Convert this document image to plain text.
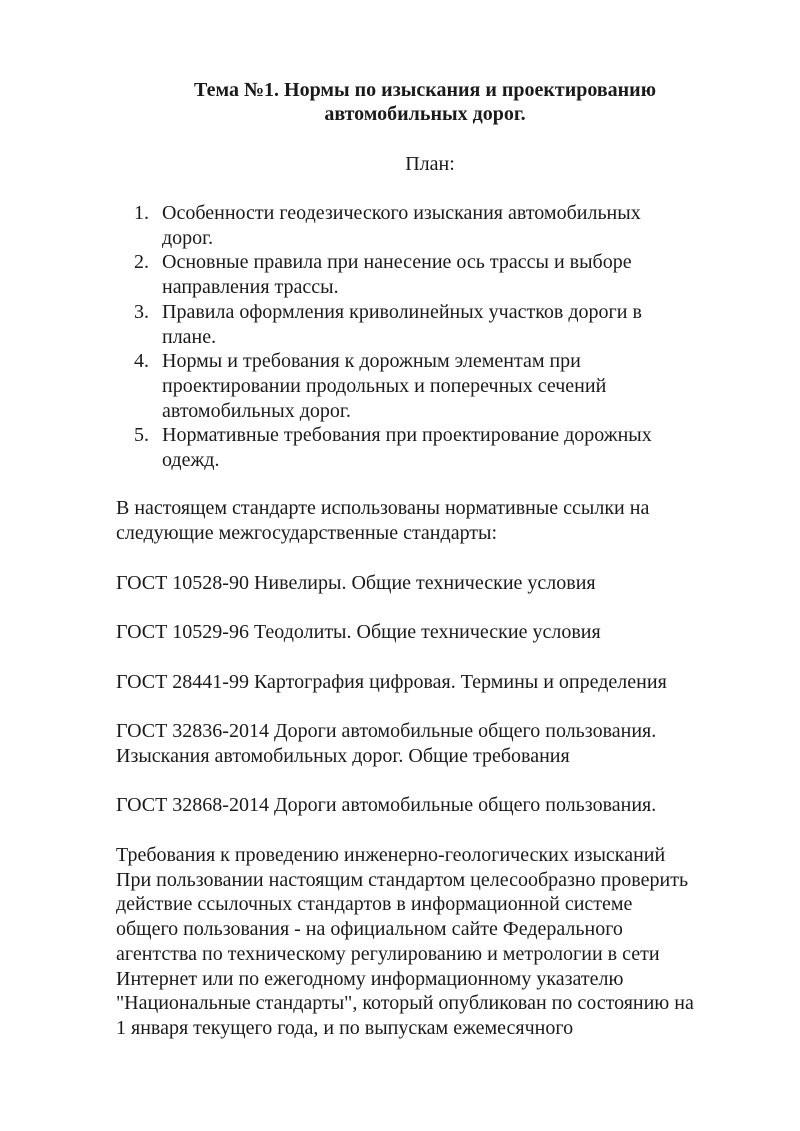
Тема №1. Нормы по изыскания и проектированию
автомобильных дорог.

План:

1. Особенности геодезического изыскания автомобильных
дорог.
2. Основные правила при нанесение ось трассы и выборе
направления трассы.
3. Правила оформления криволинейных участков дороги в
плане.
4. Нормы и требования к дорожным элементам при
проектировании продольных и поперечных сечений
автомобильных дорог.
5. Нормативные требования при проектирование дорожных
одежд.

В настоящем стандарте использованы нормативные ссылки на
следующие межгосударственные стандарты:

ГОСТ 10528-90 Нивелиры. Общие технические условия

ГОСТ 10529-96 Теодолиты. Общие технические условия

ГОСТ 28441-99 Картография цифровая. Термины и определения

ГОСТ 32836-2014 Дороги автомобильные общего пользования.
Изыскания автомобильных дорог. Общие требования

ГОСТ 32868-2014 Дороги автомобильные общего пользования.

Требования к проведению инженерно-геологических изысканий
При пользовании настоящим стандартом целесообразно проверить
действие ссылочных стандартов в информационной системе
общего пользования - на официальном сайте Федерального
агентства по техническому регулированию и метрологии в сети
Интернет или по ежегодному информационному указателю
"Национальные стандарты", который опубликован по состоянию на
1 января текущего года, и по выпускам ежемесячного
